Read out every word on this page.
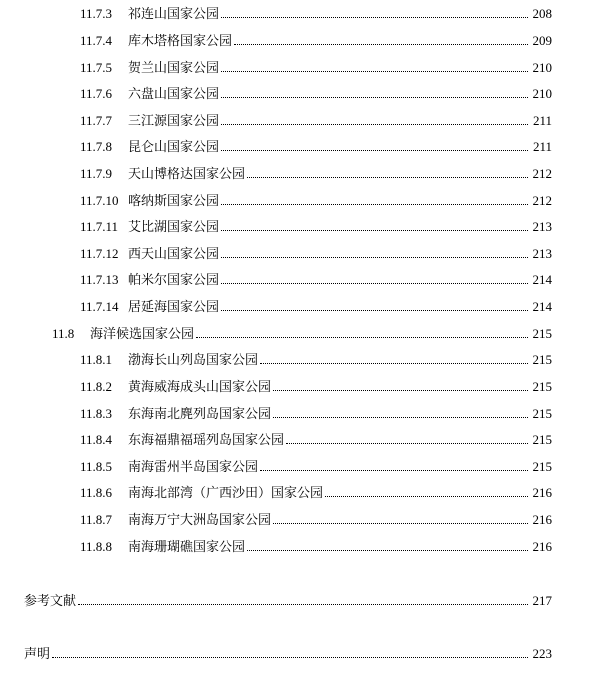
11.7.3	祁连山国家公园	208
11.7.4	库木塔格国家公园	209
11.7.5	贺兰山国家公园	210
11.7.6	六盘山国家公园	210
11.7.7	三江源国家公园	211
11.7.8	昆仑山国家公园	211
11.7.9	天山博格达国家公园	212
11.7.10 喀纳斯国家公园	212
11.7.11 艾比湖国家公园	213
11.7.12 西天山国家公园	213
11.7.13 帕米尔国家公园	214
11.7.14 居延海国家公园	214
11.8	海洋候选国家公园	215
11.8.1	渤海长山列岛国家公园	215
11.8.2	黄海威海成头山国家公园	215
11.8.3	东海南北麂列岛国家公园	215
11.8.4	东海福鼎福瑶列岛国家公园	215
11.8.5	南海雷州半岛国家公园	215
11.8.6	南海北部湾（广西沙田）国家公园	216
11.8.7	南海万宁大洲岛国家公园	216
11.8.8	南海珊瑚礁国家公园	216
参考文献	217
声明	223
